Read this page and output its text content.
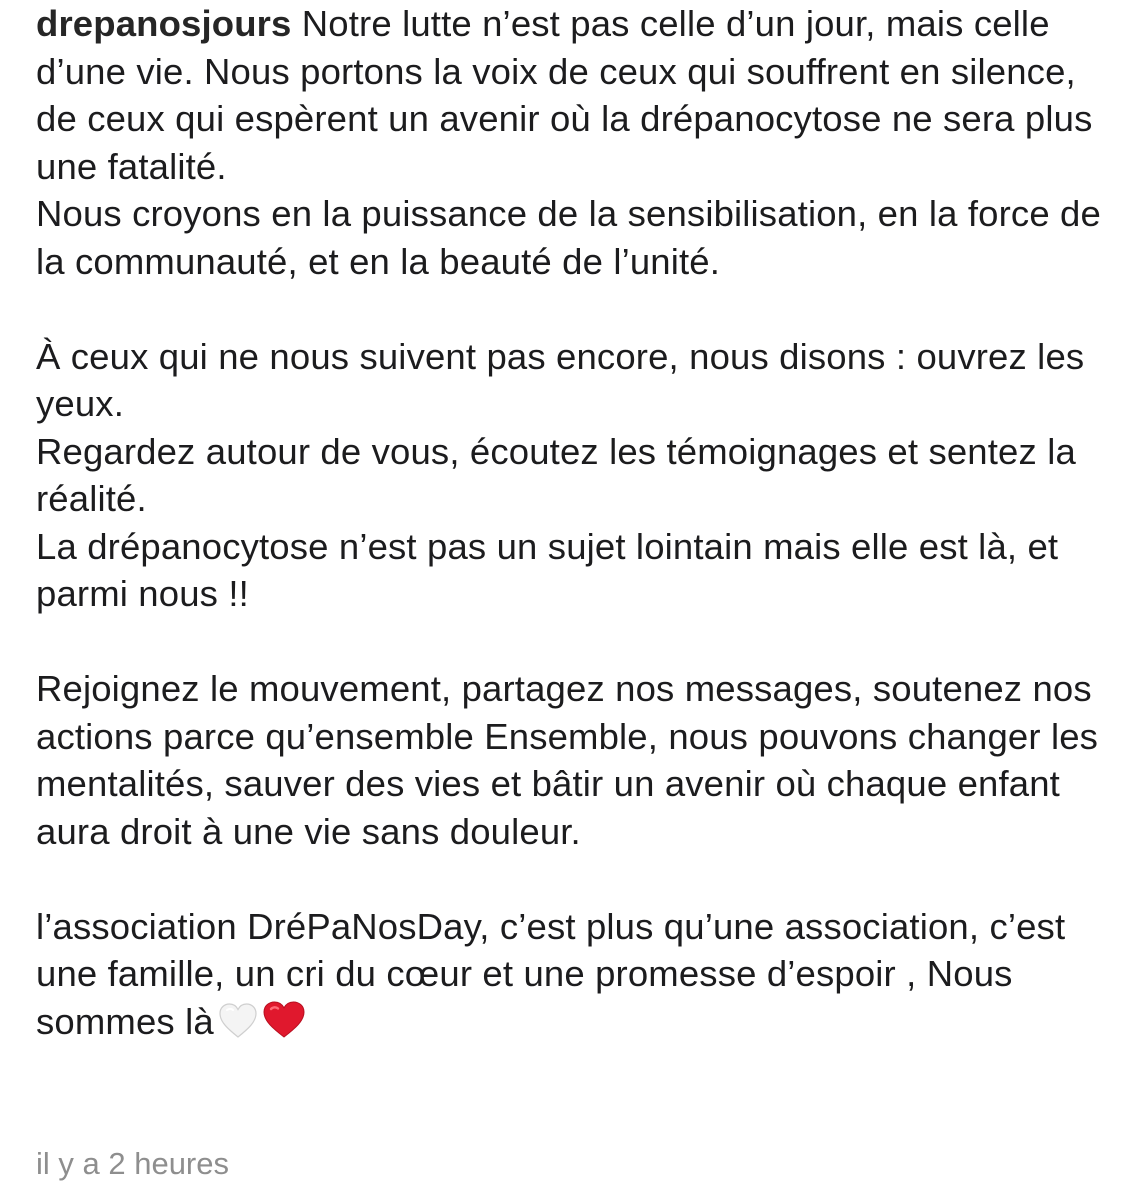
drepanosjours Notre lutte n’est pas celle d’un jour, mais celle d’une vie. Nous portons la voix de ceux qui souffrent en silence, de ceux qui espèrent un avenir où la drépanocytose ne sera plus une fatalité.

Nous croyons en la puissance de la sensibilisation, en la force de la communauté, et en la beauté de l’unité.

À ceux qui ne nous suivent pas encore, nous disons : ouvrez les yeux.

Regardez autour de vous, écoutez les témoignages et sentez la réalité.

La drépanocytose n’est pas un sujet lointain mais elle est là, et parmi nous !!

Rejoignez le mouvement, partagez nos messages, soutenez nos actions parce qu’ensemble Ensemble, nous pouvons changer les mentalités, sauver des vies et bâtir un avenir où chaque enfant aura droit à une vie sans douleur.

l’association DréPaNosDay, c’est plus qu’une association, c’est une famille, un cri du cœur et une promesse d’espoir , Nous sommes là

il y a 2 heures
